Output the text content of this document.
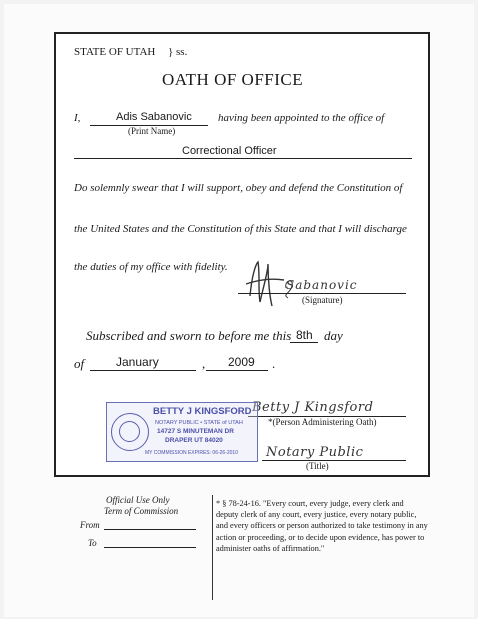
STATE OF UTAH } ss.
OATH OF OFFICE
I,	Adis Sabanovic
(Print Name)
having been appointed to the office of
Correctional Officer
Do solemnly swear that I will support, obey and defend the Constitution of
the United States and the Constitution of this State and that I will discharge
the duties of my office with fidelity.
Sabanovic
(Signature)
Subscribed and sworn to before me this 8th day
of	January	, 2009 .
Betty J Kingsford
*(Person Administering Oath)
Notary Public
(Title)
BETTY J KINGSFORD
NOTARY PUBLIC • STATE of UTAH
14727 S MINUTEMAN DR
DRAPER UT 84020
MY COMMISSION EXPIRES: 06-26-2010
Official Use Only
Term of Commission
From
To
* § 78-24-16. "Every court, every judge, every clerk and deputy clerk of any court, every justice, every notary public, and every officers or person authorized to take testimony in any action or proceeding, or to decide upon evidence, has power to administer oaths of affirmation."
